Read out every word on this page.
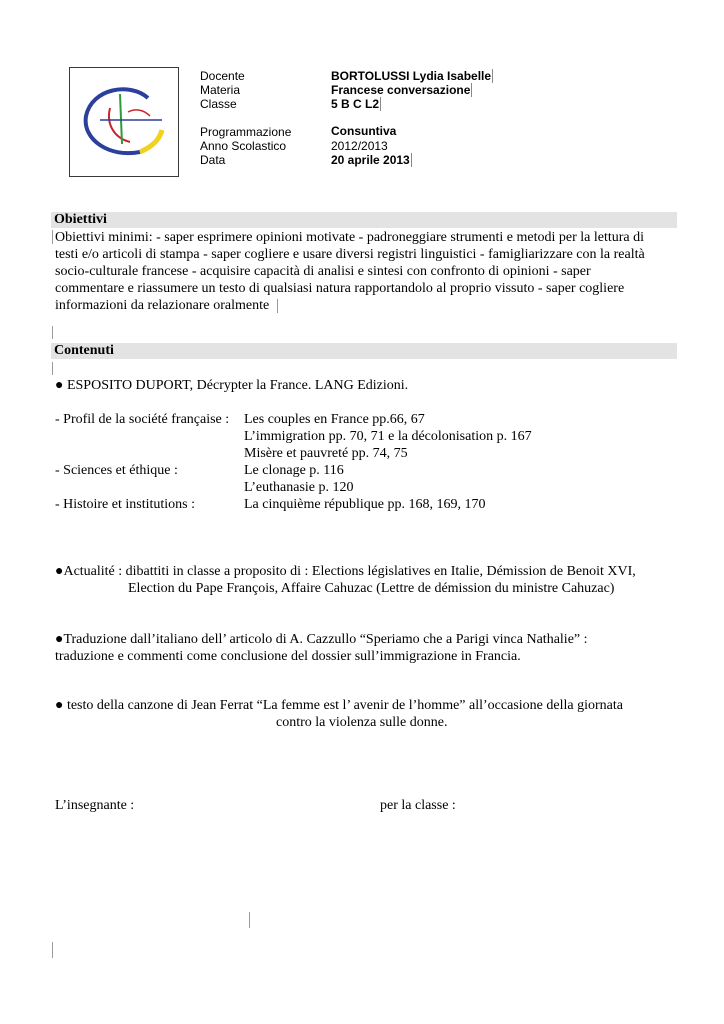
Docente	BORTOLUSSI Lydia Isabelle
Materia	Francese conversazione
Classe	5 B C L2
Programmazione	Consuntiva
Anno Scolastico	2012/2013
Data	20 aprile 2013
Obiettivi
Obiettivi minimi: - saper esprimere opinioni motivate - padroneggiare strumenti e metodi per la lettura di
testi e/o articoli di stampa - saper cogliere e usare diversi registri linguistici - famigliarizzare con la realtà
socio-culturale francese - acquisire capacità di analisi e sintesi con confronto di opinioni - saper
commentare e riassumere un testo di qualsiasi natura rapportandolo al proprio vissuto - saper cogliere
informazioni da relazionare oralmente
Contenuti
● ESPOSITO DUPORT, Décrypter la France. LANG Edizioni.
- Profil de la société française : Les couples en France pp.66, 67
L’immigration pp. 70, 71 e la décolonisation p. 167
Misère et pauvreté pp. 74, 75
- Sciences et éthique :	Le clonage p. 116
L’euthanasie p. 120
- Histoire et institutions :	La cinquième république pp. 168, 169, 170
●Actualité : dibattiti in classe a proposito di : Elections législatives en Italie, Démission de Benoit XVI,
Election du Pape François, Affaire Cahuzac (Lettre de démission du ministre Cahuzac)
●Traduzione dall’italiano dell’ articolo di A. Cazzullo “Speriamo che a Parigi vinca Nathalie” :
traduzione e commenti come conclusione del dossier sull’immigrazione in Francia.
● testo della canzone di Jean Ferrat “La femme est l’ avenir de l’homme” all’occasione della giornata
contro la violenza sulle donne.
L’insegnante :	per la classe :
